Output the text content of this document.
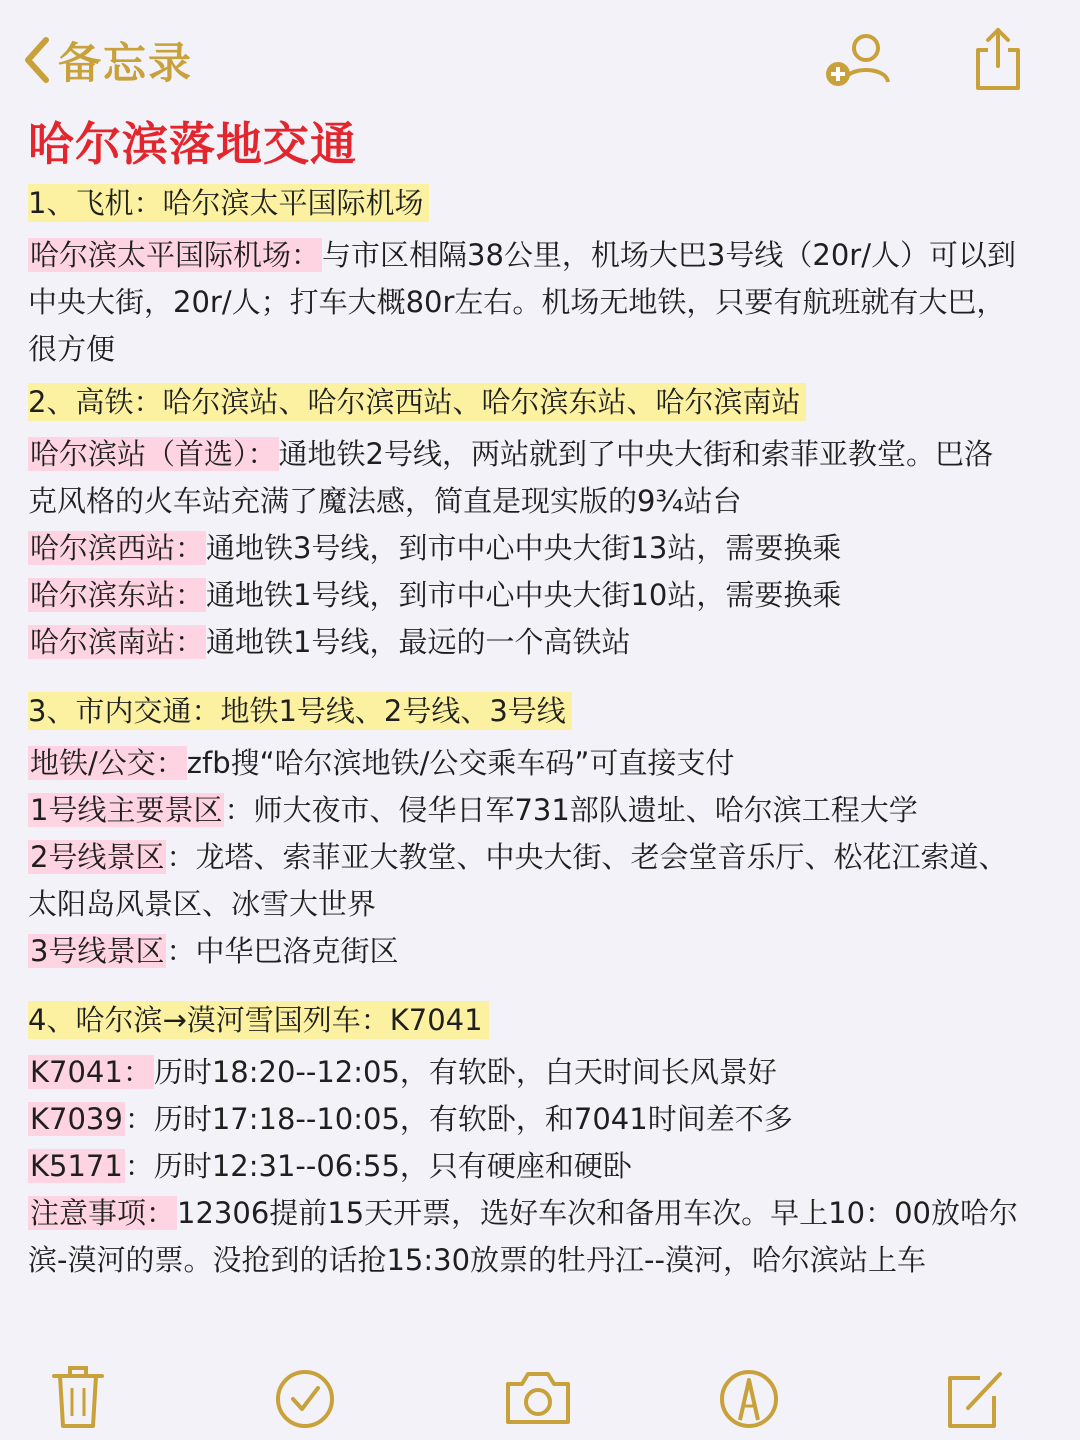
备忘录
哈尔滨落地交通
1、飞机：哈尔滨太平国际机场
哈尔滨太平国际机场：与市区相隔38公里，机场大巴3号线（20r/人）可以到
中央大街，20r/人；打车大概80r左右。机场无地铁，只要有航班就有大巴，
很方便
2、高铁：哈尔滨站、哈尔滨西站、哈尔滨东站、哈尔滨南站
哈尔滨站（首选）：通地铁2号线，两站就到了中央大街和索菲亚教堂。巴洛
克风格的火车站充满了魔法感，简直是现实版的9¾站台
哈尔滨西站：通地铁3号线，到市中心中央大街13站，需要换乘
哈尔滨东站：通地铁1号线，到市中心中央大街10站，需要换乘
哈尔滨南站：通地铁1号线，最远的一个高铁站
3、市内交通：地铁1号线、2号线、3号线
地铁/公交：zfb搜“哈尔滨地铁/公交乘车码”可直接支付
1号线主要景区：师大夜市、侵华日军731部队遗址、哈尔滨工程大学
2号线景区：龙塔、索菲亚大教堂、中央大街、老会堂音乐厅、松花江索道、
太阳岛风景区、冰雪大世界
3号线景区：中华巴洛克街区
4、哈尔滨→漠河雪国列车：K7041
K7041：历时18:20--12:05，有软卧，白天时间长风景好
K7039：历时17:18--10:05，有软卧，和7041时间差不多
K5171：历时12:31--06:55，只有硬座和硬卧
注意事项：12306提前15天开票，选好车次和备用车次。早上10：00放哈尔
滨-漠河的票。没抢到的话抢15:30放票的牡丹江--漠河，哈尔滨站上车
